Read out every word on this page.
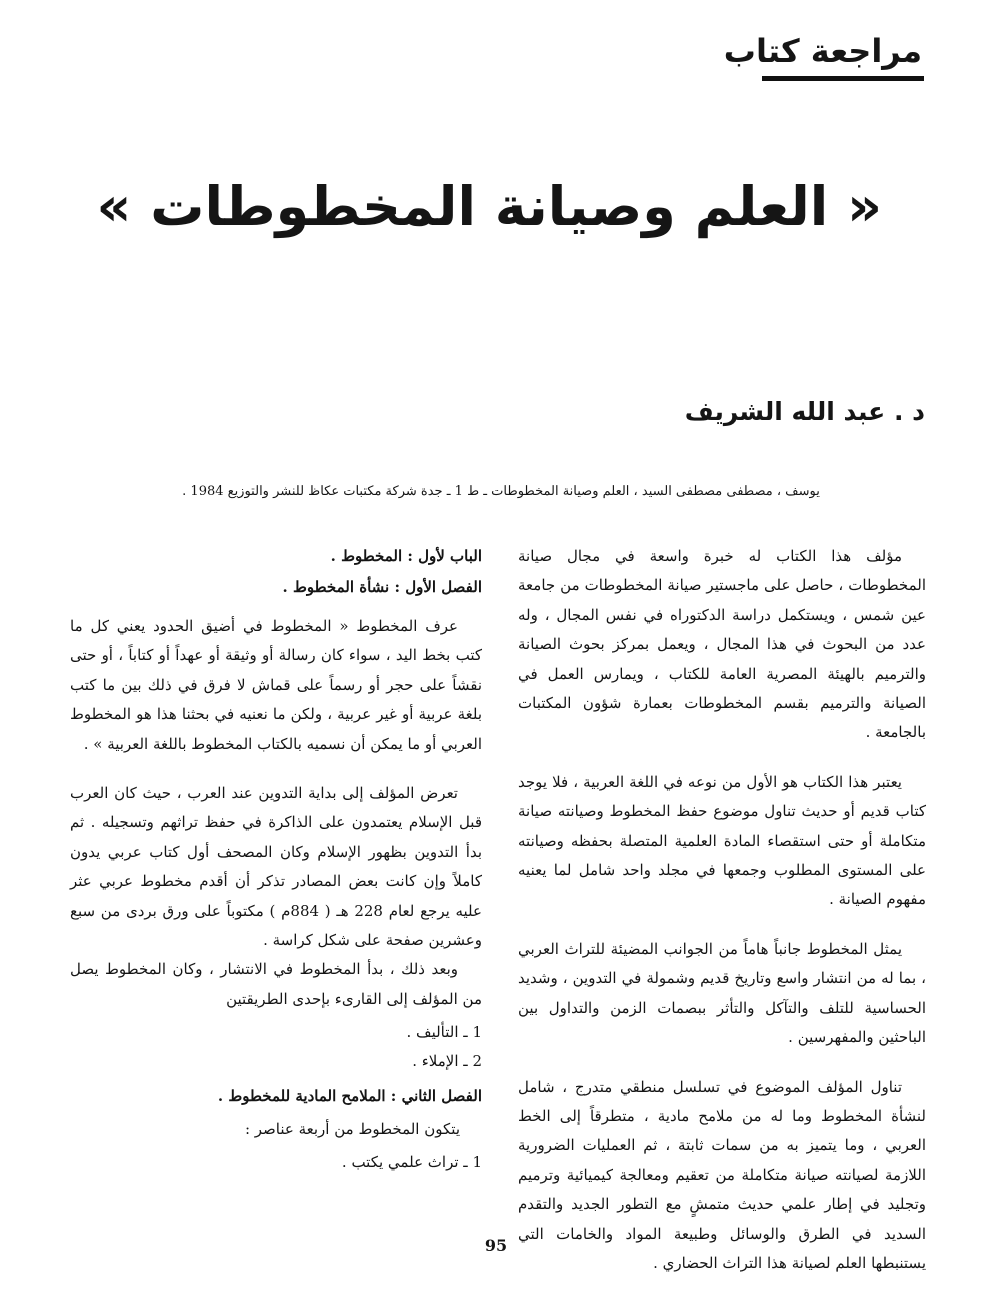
مراجعة كتاب
« العلم وصيانة المخطوطات »
د . عبد الله الشريف
يوسف ، مصطفى مصطفى السيد ، العلم وصيانة المخطوطات ـ ط 1 ـ جدة شركة مكتبات عكاظ للنشر والتوزيع 1984 .

مؤلف هذا الكتاب له خبرة واسعة في مجال صيانة المخطوطات ، حاصل على ماجستير صيانة المخطوطات من جامعة عين شمس ، ويستكمل دراسة الدكتوراه في نفس المجال ، وله عدد من البحوث في هذا المجال ، ويعمل بمركز بحوث الصيانة والترميم بالهيئة المصرية العامة للكتاب ، ويمارس العمل في الصيانة والترميم بقسم المخطوطات بعمارة شؤون المكتبات بالجامعة .

يعتبر هذا الكتاب هو الأول من نوعه في اللغة العربية ، فلا يوجد كتاب قديم أو حديث تناول موضوع حفظ المخطوط وصيانته صيانة متكاملة أو حتى استقصاء المادة العلمية المتصلة بحفظه وصيانته على المستوى المطلوب وجمعها في مجلد واحد شامل لما يعنيه مفهوم الصيانة .

يمثل المخطوط جانباً هاماً من الجوانب المضيئة للتراث العربي ، بما له من انتشار واسع وتاريخ قديم وشمولة في التدوين ، وشديد الحساسية للتلف والتآكل والتأثر ببصمات الزمن والتداول بين الباحثين والمفهرسين .

تناول المؤلف الموضوع في تسلسل منطقي متدرج ، شامل لنشأة المخطوط وما له من ملامح مادية ، متطرقاً إلى الخط العربي ، وما يتميز به من سمات ثابتة ، ثم العمليات الضرورية اللازمة لصيانته صيانة متكاملة من تعقيم ومعالجة كيميائية وترميم وتجليد في إطار علمي حديث متمشٍ مع التطور الجديد والتقدم السديد في الطرق والوسائل وطبيعة المواد والخامات التي يستنبطها العلم لصيانة هذا التراث الحضاري .

الباب لأول : المخطوط .
الفصل الأول : نشأة المخطوط .

عرف المخطوط « المخطوط في أضيق الحدود يعني كل ما كتب بخط اليد ، سواء كان رسالة أو وثيقة أو عهداً أو كتاباً ، أو حتى نقشاً على حجر أو رسماً على قماش لا فرق في ذلك بين ما كتب بلغة عربية أو غير عربية ، ولكن ما نعنيه في بحثنا هذا هو المخطوط العربي أو ما يمكن أن نسميه بالكتاب المخطوط باللغة العربية » .

تعرض المؤلف إلى بداية التدوين عند العرب ، حيث كان العرب قبل الإسلام يعتمدون على الذاكرة في حفظ تراثهم وتسجيله . ثم بدأ التدوين بظهور الإسلام وكان المصحف أول كتاب عربي يدون كاملاً وإن كانت بعض المصادر تذكر أن أقدم مخطوط عربي عثر عليه يرجع لعام 228 هـ ( 884م ) مكتوباً على ورق بردى من سبع وعشرين صفحة على شكل كراسة .

وبعد ذلك ، بدأ المخطوط في الانتشار ، وكان المخطوط يصل من المؤلف إلى القارىء بإحدى الطريقتين

1 ـ التأليف .
2 ـ الإملاء .
الفصل الثاني : الملامح المادية للمخطوط .
يتكون المخطوط من أربعة عناصر :
1 ـ تراث علمي يكتب .
95
